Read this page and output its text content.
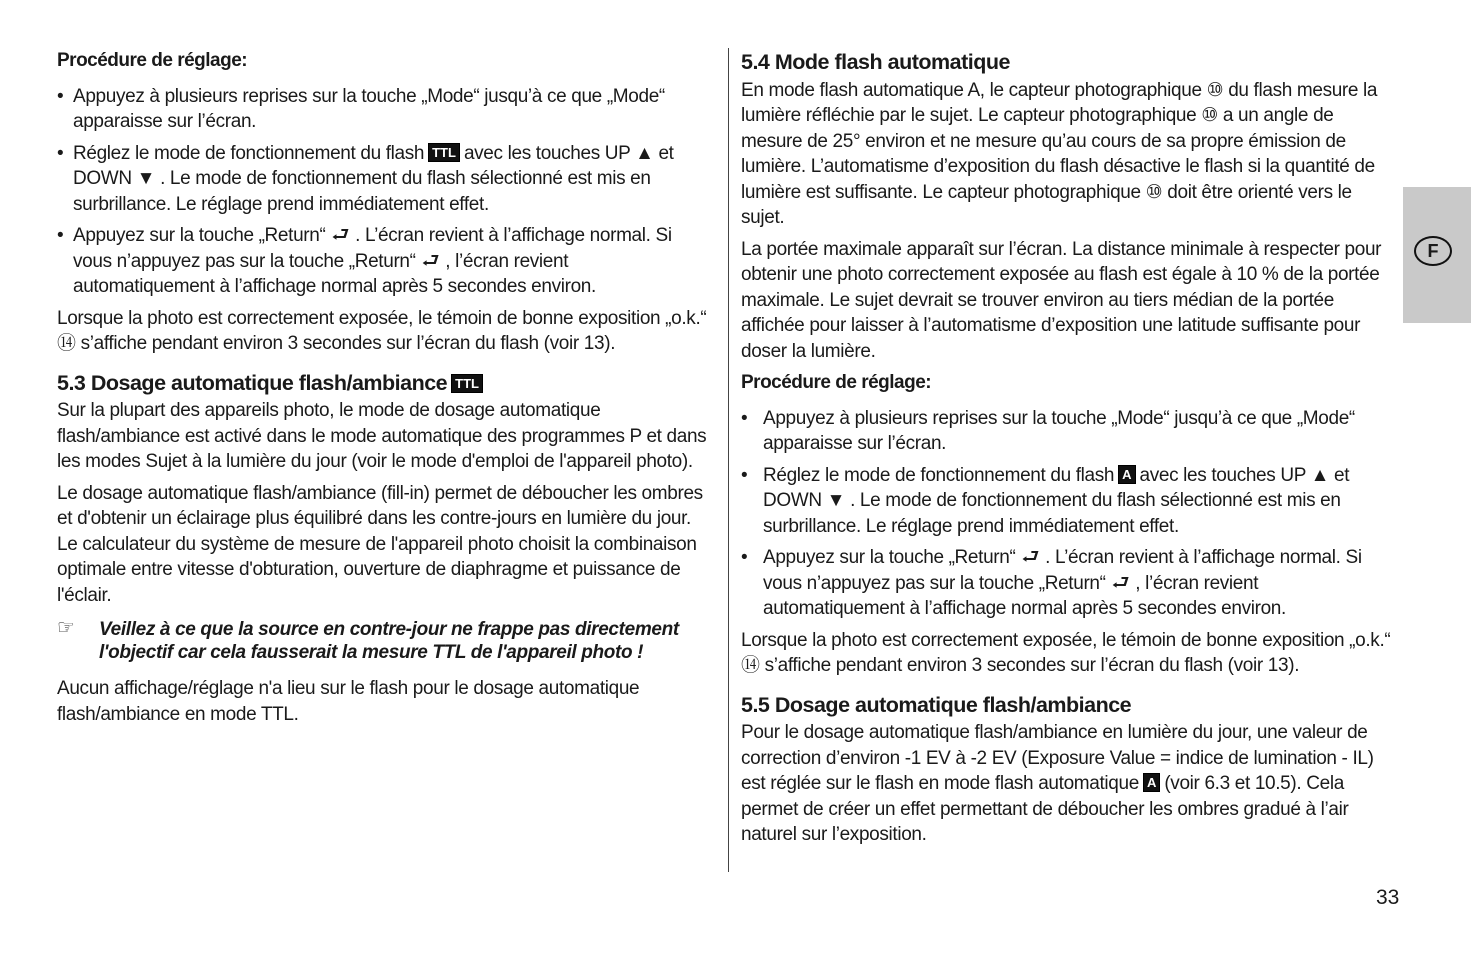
Procédure de réglage:
• Appuyez à plusieurs reprises sur la touche „Mode“ jusqu’à ce que „Mode“ apparaisse sur l’écran.
• Réglez le mode de fonctionnement du flash TTL avec les touches UP ▲ et DOWN ▼ . Le mode de fonctionnement du flash sélectionné est mis en surbrillance. Le réglage prend immédiatement effet.
• Appuyez sur la touche „Return“ ⮐ . L’écran revient à l’affichage normal. Si vous n’appuyez pas sur la touche „Return“ ⮐ , l’écran revient automatiquement à l’affichage normal après 5 secondes environ.

Lorsque la photo est correctement exposée, le témoin de bonne exposition „o.k.“ ⑭ s’affiche pendant environ 3 secondes sur l’écran du flash (voir 13).

5.3 Dosage automatique flash/ambiance TTL

Sur la plupart des appareils photo, le mode de dosage automatique flash/ambiance est activé dans le mode automatique des programmes P et dans les modes Sujet à la lumière du jour (voir le mode d'emploi de l'appareil photo).

Le dosage automatique flash/ambiance (fill-in) permet de déboucher les ombres et d'obtenir un éclairage plus équilibré dans les contre-jours en lumière du jour. Le calculateur du système de mesure de l'appareil photo choisit la combinaison optimale entre vitesse d'obturation, ouverture de diaphragme et puissance de l'éclair.

☞ Veillez à ce que la source en contre-jour ne frappe pas directement l'objectif car cela fausserait la mesure TTL de l'appareil photo !

Aucun affichage/réglage n'a lieu sur le flash pour le dosage automatique flash/ambiance en mode TTL.

5.4 Mode flash automatique

En mode flash automatique A, le capteur photographique ⑩ du flash mesure la lumière réfléchie par le sujet. Le capteur photographique ⑩ a un angle de mesure de 25° environ et ne mesure qu’au cours de sa propre émission de lumière. L’automatisme d’exposition du flash désactive le flash si la quantité de lumière est suffisante. Le capteur photographique ⑩ doit être orienté vers le sujet.

La portée maximale apparaît sur l’écran. La distance minimale à respecter pour obtenir une photo correctement exposée au flash est égale à 10 % de la portée maximale. Le sujet devrait se trouver environ au tiers médian de la portée affichée pour laisser à l’automatisme d’exposition une latitude suffisante pour doser la lumière.

Procédure de réglage:
• Appuyez à plusieurs reprises sur la touche „Mode“ jusqu’à ce que „Mode“ apparaisse sur l’écran.
• Réglez le mode de fonctionnement du flash A avec les touches UP ▲ et DOWN ▼ . Le mode de fonctionnement du flash sélectionné est mis en surbrillance. Le réglage prend immédiatement effet.
• Appuyez sur la touche „Return“ ⮐ . L’écran revient à l’affichage normal. Si vous n’appuyez pas sur la touche „Return“ ⮐ , l’écran revient automatiquement à l’affichage normal après 5 secondes environ.

Lorsque la photo est correctement exposée, le témoin de bonne exposition „o.k.“ ⑭ s’affiche pendant environ 3 secondes sur l’écran du flash (voir 13).

5.5 Dosage automatique flash/ambiance

Pour le dosage automatique flash/ambiance en lumière du jour, une valeur de correction d’environ -1 EV à -2 EV (Exposure Value = indice de lumination - IL) est réglée sur le flash en mode flash automatique A (voir 6.3 et 10.5). Cela permet de créer un effet permettant de déboucher les ombres gradué à l’air naturel sur l’exposition.

F
33
